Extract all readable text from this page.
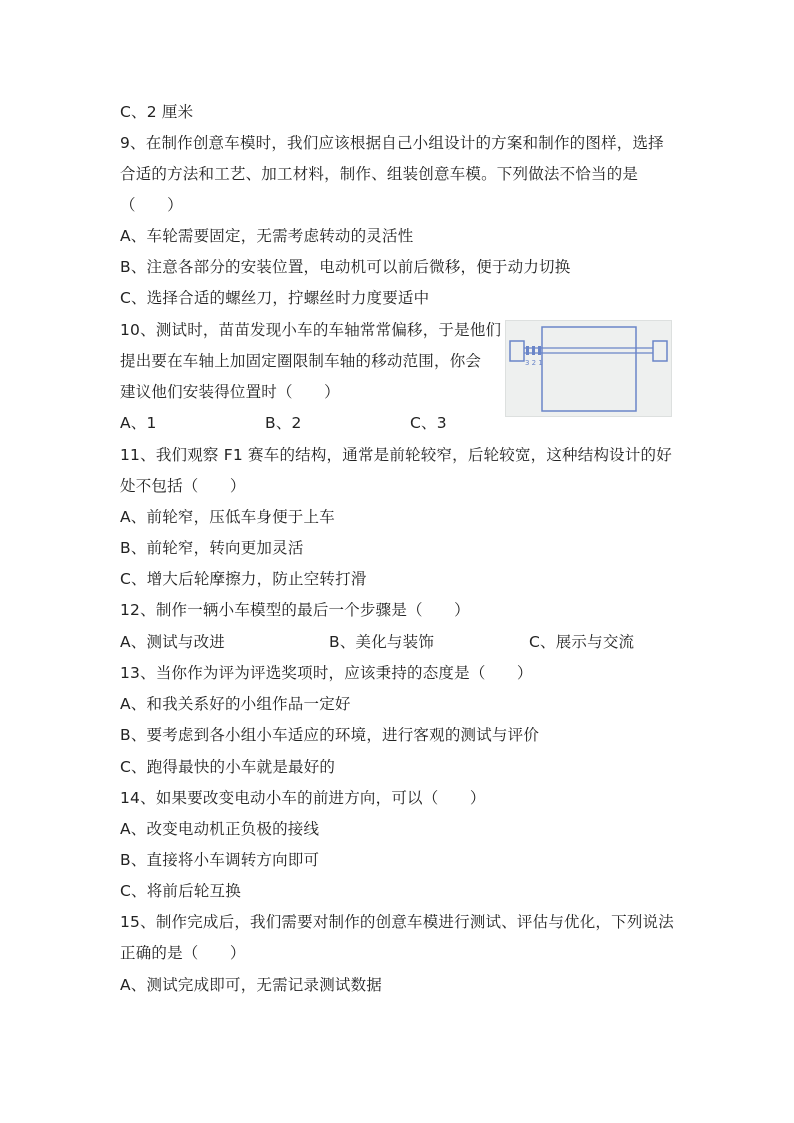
C、2 厘米
9、在制作创意车模时，我们应该根据自己小组设计的方案和制作的图样，选择
合适的方法和工艺、加工材料，制作、组装创意车模。下列做法不恰当的是
（　　）
A、车轮需要固定，无需考虑转动的灵活性
B、注意各部分的安装位置，电动机可以前后微移，便于动力切换
C、选择合适的螺丝刀，拧螺丝时力度要适中
10、测试时，苗苗发现小车的车轴常常偏移，于是他们
提出要在车轴上加固定圈限制车轴的移动范围，你会
建议他们安装得位置时（　　）
A、1	B、2	C、3
3 2 1
11、我们观察 F1 赛车的结构，通常是前轮较窄，后轮较宽，这种结构设计的好
处不包括（　　）
A、前轮窄，压低车身便于上车
B、前轮窄，转向更加灵活
C、增大后轮摩擦力，防止空转打滑
12、制作一辆小车模型的最后一个步骤是（　　）
A、测试与改进	B、美化与装饰	C、展示与交流
13、当你作为评为评选奖项时，应该秉持的态度是（　　）
A、和我关系好的小组作品一定好
B、要考虑到各小组小车适应的环境，进行客观的测试与评价
C、跑得最快的小车就是最好的
14、如果要改变电动小车的前进方向，可以（　　）
A、改变电动机正负极的接线
B、直接将小车调转方向即可
C、将前后轮互换
15、制作完成后，我们需要对制作的创意车模进行测试、评估与优化，下列说法
正确的是（　　）
A、测试完成即可，无需记录测试数据
